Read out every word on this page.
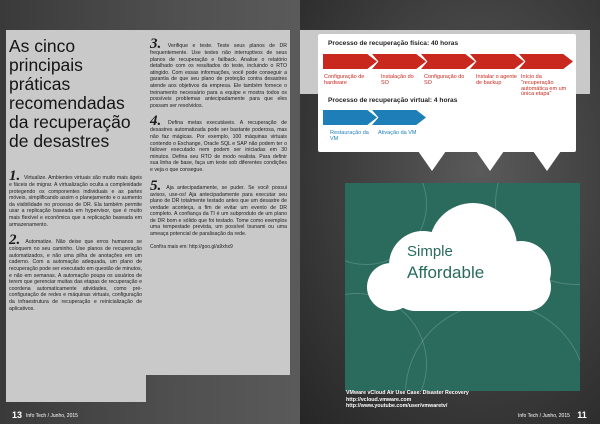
As cinco principais práticas recomendadas da recuperação de desastres

1. Virtualize. Ambientes virtuais são muito mais ágeis e fáceis de migrar. A virtualização oculta a complexidade protegendo os componentes individuais e as partes móveis, simplificando assim o planejamento e o aumento da visibilidade no processo de DR. Ela também permite usar a replicação baseada em hypervisor, que é muito mais flexível e econômica que a replicação baseada em armazenamento.

2. Automatize. Não deixe que erros humanos se coloquem no seu caminho. Use planos de recuperação automatizados, e não uma pilha de anotações em um caderno. Com a automação adequada, um plano de recuperação pode ser executado em questão de minutos, e não em semanas. A automação poupa os usuários de terem que gerenciar muitas das etapas de recuperação e coordena automaticamente atividades, como pré-configuração de redes e máquinas virtuais, configuração da infraestrutura de recuperação e reinicialização de aplicativos.

3. Verifique e teste. Teste seus planos de DR frequentemente. Use testes não interruptivos de seus planos de recuperação e failback. Analise o relatório detalhado com os resultados do teste, incluindo o RTO atingido. Com essas informações, você pode conseguir a garantia de que seu plano de proteção contra desastres atende aos objetivos da empresa. Ele também fornece o treinamento necessário para a equipe e mostra todos os possíveis problemas antecipadamente para que eles possam ser resolvidos.

4. Defina metas executáveis. A recuperação de desastres automatizada pode ser bastante poderosa, mas não faz mágicas. Por exemplo, 100 máquinas virtuais contendo o Exchange, Oracle SQL e SAP não podem ter o failover executado nem podem ser iniciadas em 30 minutos. Defina seu RTO de modo realista. Para definir sua linha de base, faça um teste sob diferentes condições e veja o que consegue.

5. Aja antecipadamente, se puder. Se você possui avisos, use-os! Aja antecipadamente para executar seu plano de DR totalmente testado antes que um desastre de verdade aconteça, a fim de evitar um evento de DR completo. A confiança da TI é um subproduto de um plano de DR bom e sólido que foi testado. Tome como exemplos uma tempestade prevista, um possível tsunami ou uma ameaça potencial de paralisação da rede.

Confira mais em: http://goo.gl/a9xhx9

13 Info Tech / Junho, 2015
Processo de recuperação física: 40 horas
Configuração de hardware
Instalação do SO
Configuração do SO
Instalar o agente de backup
Início da "recuperação automática em um única etapa"
Processo de recuperação virtual: 4 horas
Restauração da VM
Ativação da VM
Simple
Affordable
VMware vCloud Air Use Case: Disaster Recovery
http://vcloud.vmware.com
http://www.youtube.com/user/vmwaretv/
Info Tech / Junho, 2015 11
